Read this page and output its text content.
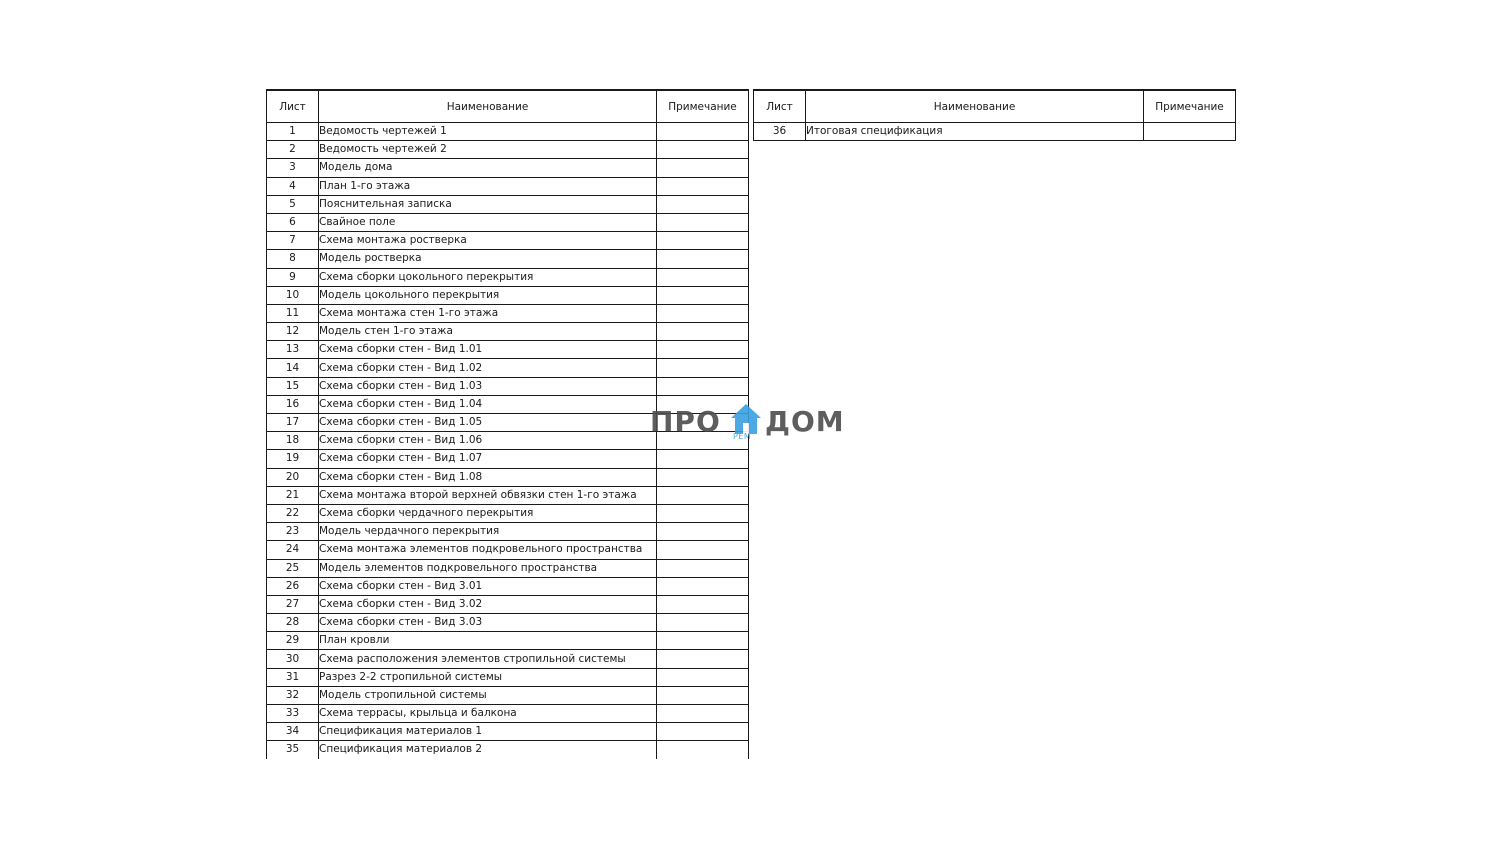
Лист	Наименование	Примечание
1	Ведомость чертежей 1	
2	Ведомость чертежей 2	
3	Модель дома	
4	План 1-го этажа	
5	Пояснительная записка	
6	Свайное поле	
7	Схема монтажа ростверка	
8	Модель ростверка	
9	Схема сборки цокольного перекрытия	
10	Модель цокольного перекрытия	
11	Схема монтажа стен 1-го этажа	
12	Модель стен 1-го этажа	
13	Схема сборки стен - Вид 1.01	
14	Схема сборки стен - Вид 1.02	
15	Схема сборки стен - Вид 1.03	
16	Схема сборки стен - Вид 1.04	
17	Схема сборки стен - Вид 1.05	
18	Схема сборки стен - Вид 1.06	
19	Схема сборки стен - Вид 1.07	
20	Схема сборки стен - Вид 1.08	
21	Схема монтажа второй верхней обвязки стен 1-го этажа	
22	Схема сборки чердачного перекрытия	
23	Модель чердачного перекрытия	
24	Схема монтажа элементов подкровельного пространства	
25	Модель элементов подкровельного пространства	
26	Схема сборки стен - Вид 3.01	
27	Схема сборки стен - Вид 3.02	
28	Схема сборки стен - Вид 3.03	
29	План кровли	
30	Схема расположения элементов стропильной системы	
31	Разрез 2-2 стропильной системы	
32	Модель стропильной системы	
33	Схема террасы, крыльца и балкона	
34	Спецификация материалов 1	
35	Спецификация материалов 2	
Лист	Наименование	Примечание
36	Итоговая спецификация	
ПРО РЕМ ДОМ
